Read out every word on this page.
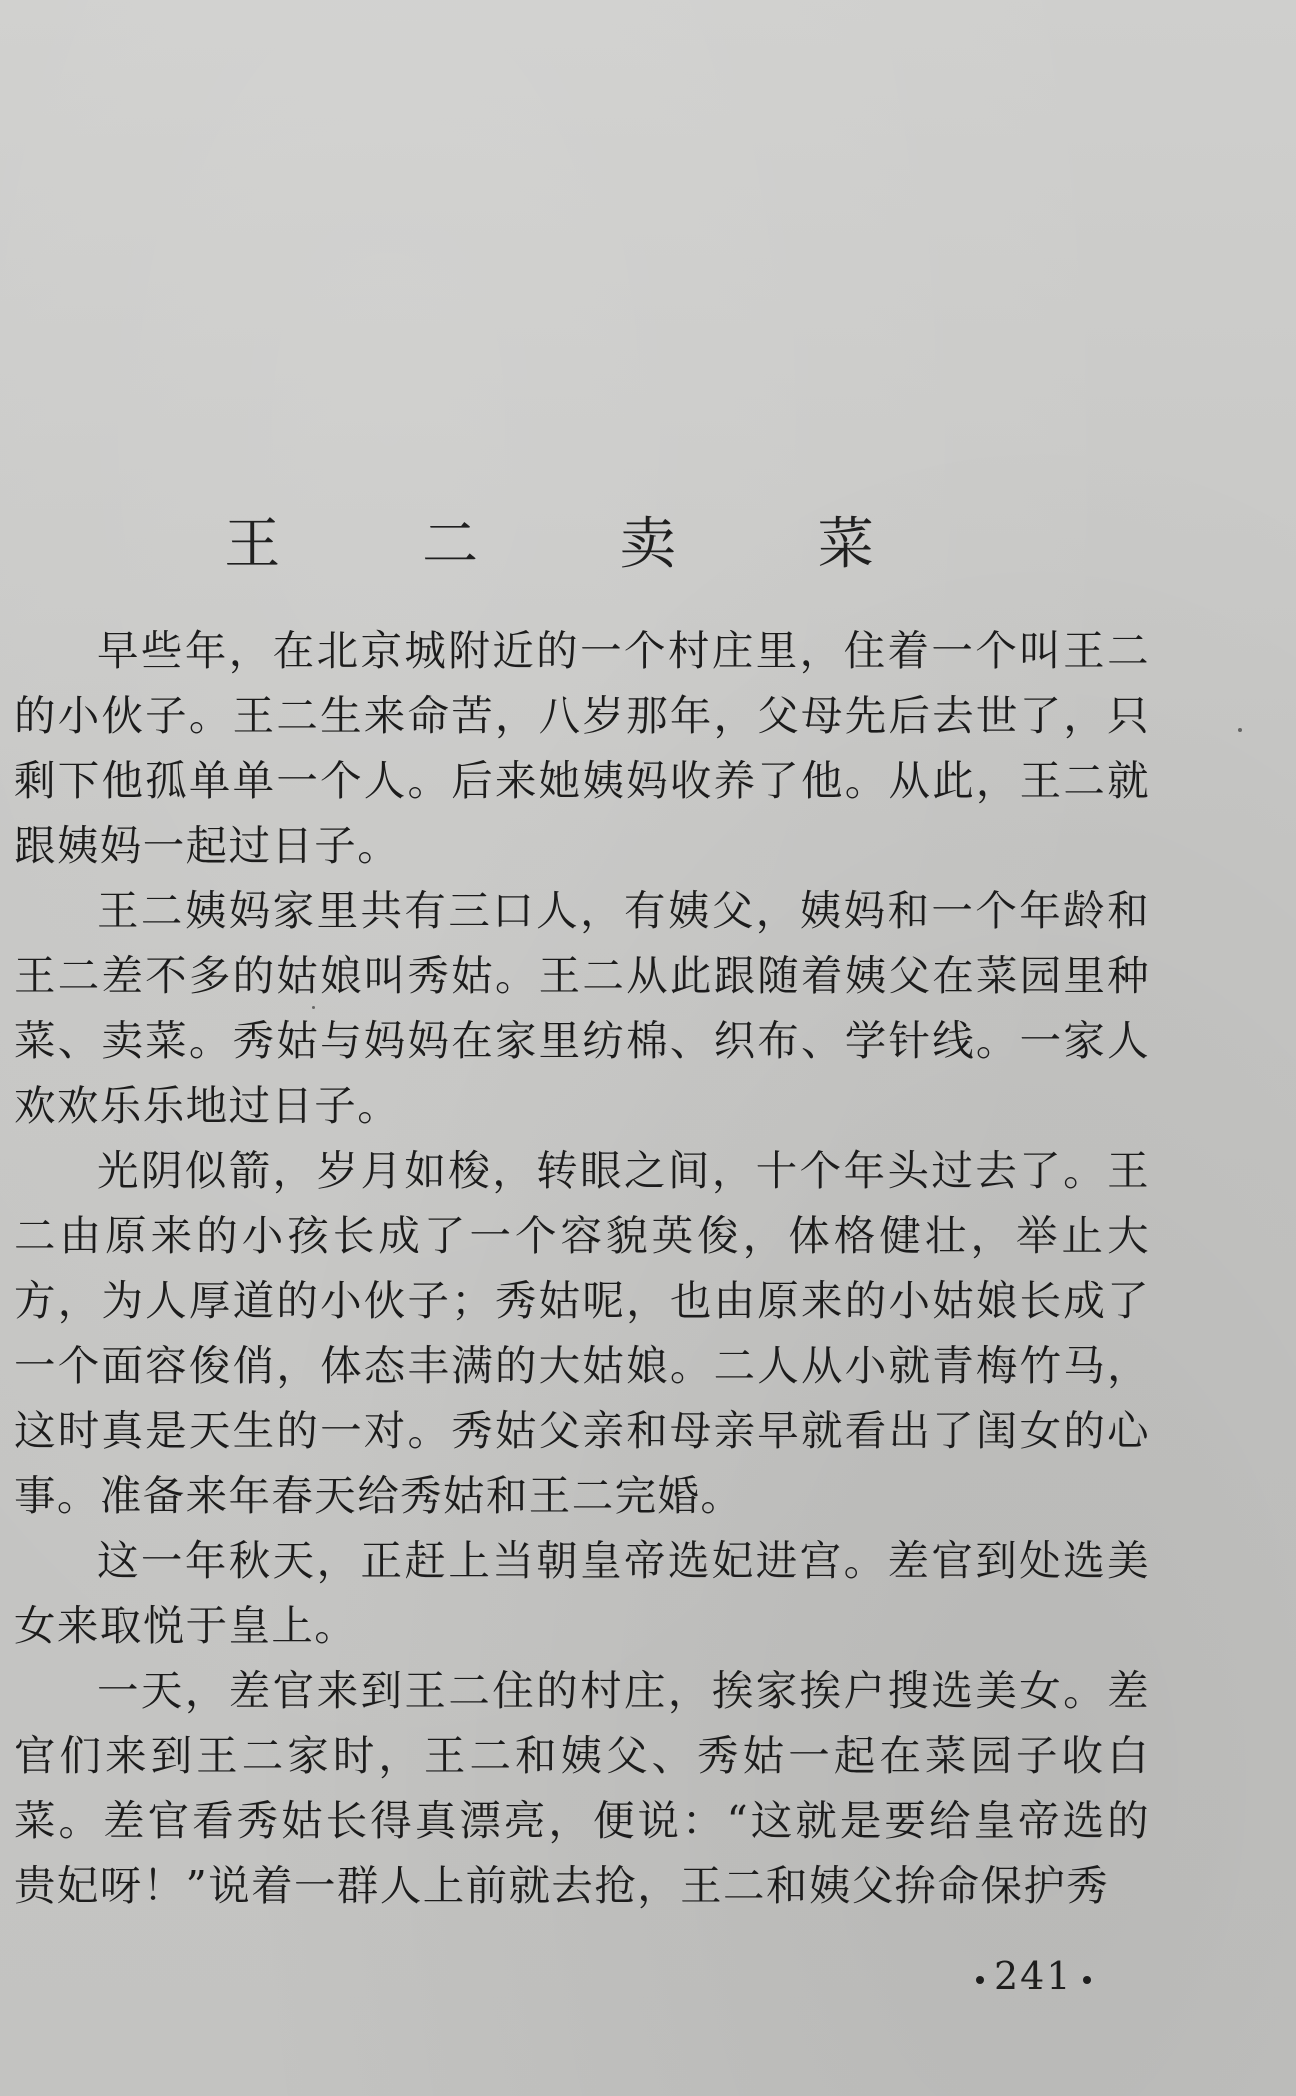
王 二 卖 菜

早些年，在北京城附近的一个村庄里，住着一个叫王二的小伙子。王二生来命苦，八岁那年，父母先后去世了，只剩下他孤单单一个人。后来她姨妈收养了他。从此，王二就跟姨妈一起过日子。

王二姨妈家里共有三口人，有姨父，姨妈和一个年龄和王二差不多的姑娘叫秀姑。王二从此跟随着姨父在菜园里种菜、卖菜。秀姑与妈妈在家里纺棉、织布、学针线。一家人欢欢乐乐地过日子。

光阴似箭，岁月如梭，转眼之间，十个年头过去了。王二由原来的小孩长成了一个容貌英俊，体格健壮，举止大方，为人厚道的小伙子；秀姑呢，也由原来的小姑娘长成了一个面容俊俏，体态丰满的大姑娘。二人从小就青梅竹马，这时真是天生的一对。秀姑父亲和母亲早就看出了闺女的心事。准备来年春天给秀姑和王二完婚。

这一年秋天，正赶上当朝皇帝选妃进宫。差官到处选美女来取悦于皇上。

一天，差官来到王二住的村庄，挨家挨户搜选美女。差官们来到王二家时，王二和姨父、秀姑一起在菜园子收白菜。差官看秀姑长得真漂亮，便说：“这就是要给皇帝选的贵妃呀！”说着一群人上前就去抢，王二和姨父拚命保护秀

241
